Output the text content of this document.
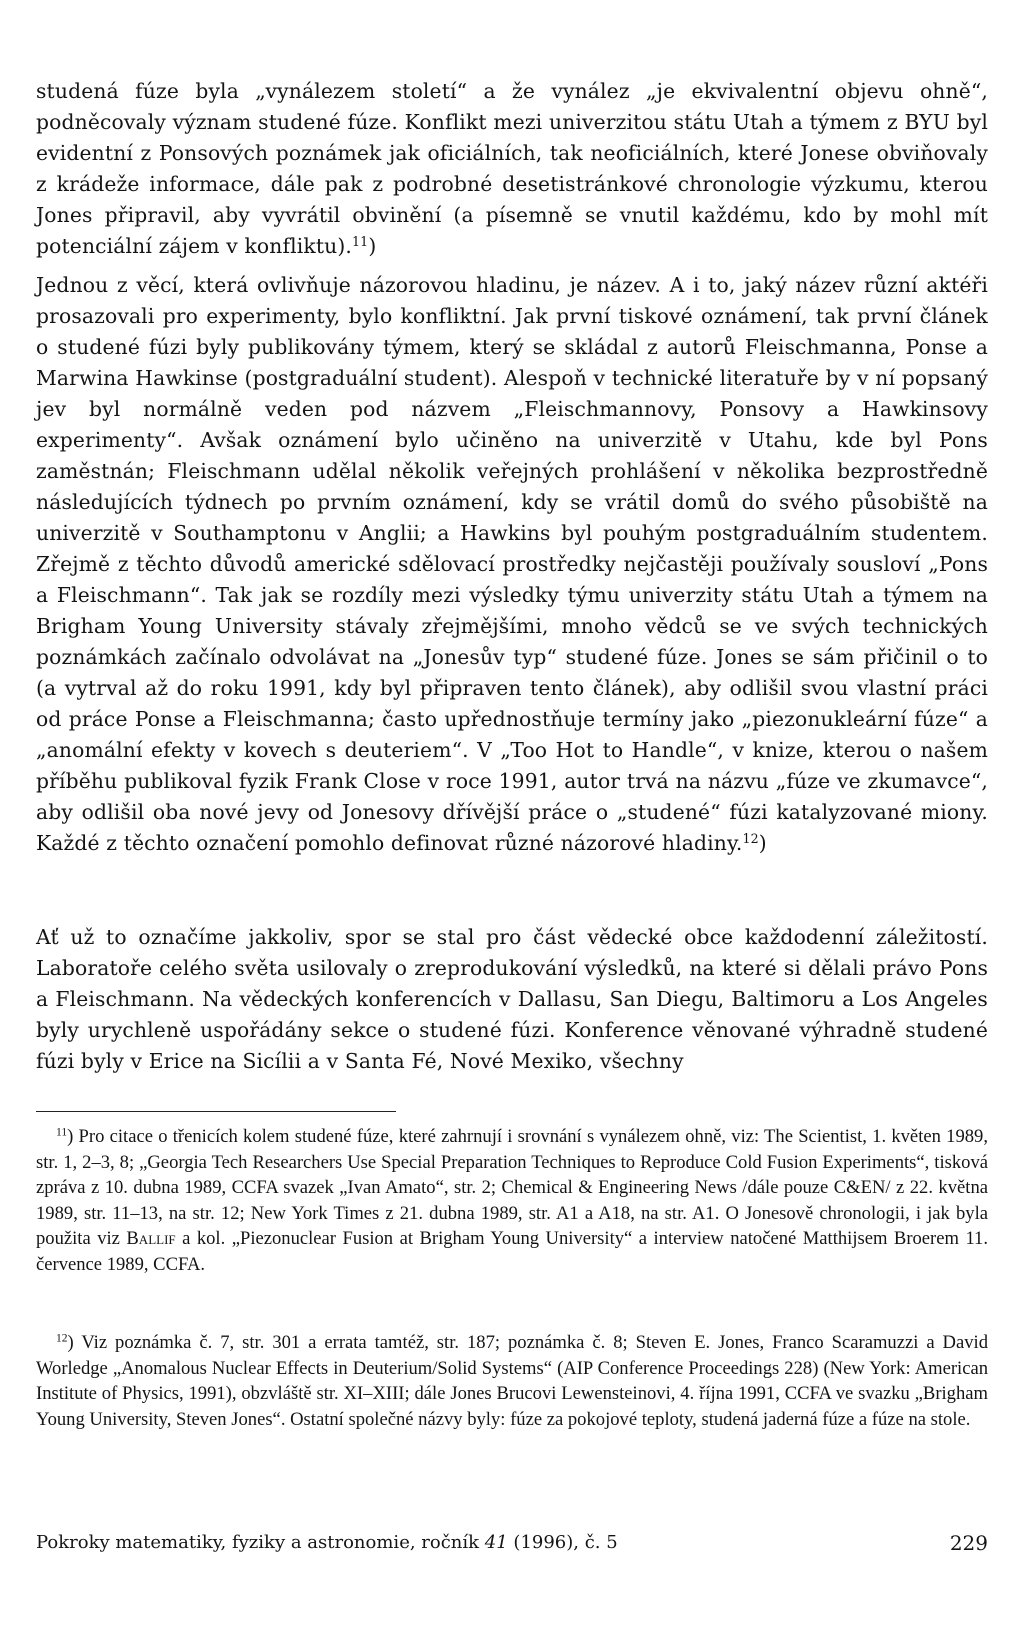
studená fúze byla „vynálezem století“ a že vynález „je ekvivalentní objevu ohně“, podněcovaly význam studené fúze. Konflikt mezi univerzitou státu Utah a týmem z BYU byl evidentní z Ponsových poznámek jak oficiálních, tak neoficiálních, které Jonese obviňovaly z krádeže informace, dále pak z podrobné desetistránkové chronologie výzkumu, kterou Jones připravil, aby vyvrátil obvinění (a písemně se vnutil každému, kdo by mohl mít potenciální zájem v konfliktu).$^{11}$)

Jednou z věcí, která ovlivňuje názorovou hladinu, je název. A i to, jaký název různí aktéři prosazovali pro experimenty, bylo konfliktní. Jak první tiskové oznámení, tak první článek o studené fúzi byly publikovány týmem, který se skládal z autorů Fleischmanna, Ponse a Marwina Hawkinse (postgraduální student). Alespoň v technické literatuře by v ní popsaný jev byl normálně veden pod názvem „Fleischmannovy, Ponsovy a Hawkinsovy experimenty“. Avšak oznámení bylo učiněno na univerzitě v Utahu, kde byl Pons zaměstnán; Fleischmann udělal několik veřejných prohlášení v několika bezprostředně následujících týdnech po prvním oznámení, kdy se vrátil domů do svého působiště na univerzitě v Southamptonu v Anglii; a Hawkins byl pouhým postgraduálním studentem. Zřejmě z těchto důvodů americké sdělovací prostředky nejčastěji používaly sousloví „Pons a Fleischmann“. Tak jak se rozdíly mezi výsledky týmu univerzity státu Utah a týmem na Brigham Young University stávaly zřejmějšími, mnoho vědců se ve svých technických poznámkách začínalo odvolávat na „Jonesův typ“ studené fúze. Jones se sám přičinil o to (a vytrval až do roku 1991, kdy byl připraven tento článek), aby odlišil svou vlastní práci od práce Ponse a Fleischmanna; často upřednostňuje termíny jako „piezonukleární fúze“ a „anomální efekty v kovech s deuteriem“. V „Too Hot to Handle“, v knize, kterou o našem příběhu publikoval fyzik Frank Close v roce 1991, autor trvá na názvu „fúze ve zkumavce“, aby odlišil oba nové jevy od Jonesovy dřívější práce o „studené“ fúzi katalyzované miony. Každé z těchto označení pomohlo definovat různé názorové hladiny.$^{12}$)

Ať už to označíme jakkoliv, spor se stal pro část vědecké obce každodenní záležitostí. Laboratoře celého světa usilovaly o zreprodukování výsledků, na které si dělali právo Pons a Fleischmann. Na vědeckých konferencích v Dallasu, San Diegu, Baltimoru a Los Angeles byly urychleně uspořádány sekce o studené fúzi. Konference věnované výhradně studené fúzi byly v Erice na Sicílii a v Santa Fé, Nové Mexiko, všechny

$^{11}$) Pro citace o třenicích kolem studené fúze, které zahrnují i srovnání s vynálezem ohně, viz: The Scientist, 1. květen 1989, str. 1, 2–3, 8; „Georgia Tech Researchers Use Special Preparation Techniques to Reproduce Cold Fusion Experiments“, tisková zpráva z 10. dubna 1989, CCFA svazek „Ivan Amato“, str. 2; Chemical & Engineering News /dále pouze C&EN/ z 22. května 1989, str. 11–13, na str. 12; New York Times z 21. dubna 1989, str. A1 a A18, na str. A1. O Jonesově chronologii, i jak byla použita viz Ballif a kol. „Piezonuclear Fusion at Brigham Young University“ a interview natočené Matthijsem Broerem 11. července 1989, CCFA.

$^{12}$) Viz poznámka č. 7, str. 301 a errata tamtéž, str. 187; poznámka č. 8; Steven E. Jones, Franco Scaramuzzi a David Worledge „Anomalous Nuclear Effects in Deuterium/Solid Systems“ (AIP Conference Proceedings 228) (New York: American Institute of Physics, 1991), obzvláště str. XI–XIII; dále Jones Brucovi Lewensteinovi, 4. října 1991, CCFA ve svazku „Brigham Young University, Steven Jones“. Ostatní společné názvy byly: fúze za pokojové teploty, studená jaderná fúze a fúze na stole.

Pokroky matematiky, fyziky a astronomie, ročník 41 (1996), č. 5	229
